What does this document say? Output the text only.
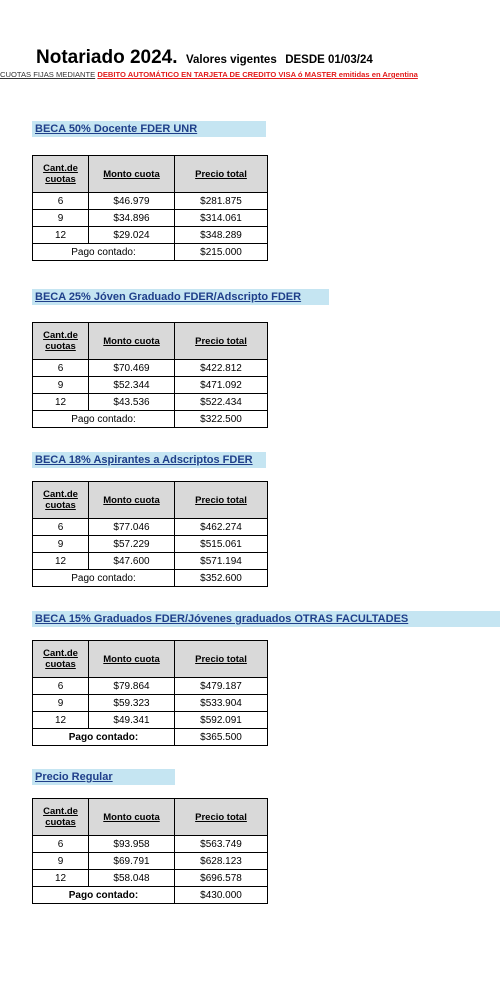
Notariado 2024. Valores vigentes DESDE 01/03/24
CUOTAS FIJAS MEDIANTE DEBITO AUTOMÁTICO EN TARJETA DE CREDITO VISA ó MASTER emitidas en Argentina
BECA 50% Docente FDER UNR
Cant.de cuotas	Monto cuota	Precio total
6	$46.979	$281.875
9	$34.896	$314.061
12	$29.024	$348.289
Pago contado:		$215.000
BECA 25% Jóven Graduado FDER/Adscripto FDER
Cant.de cuotas	Monto cuota	Precio total
6	$70.469	$422.812
9	$52.344	$471.092
12	$43.536	$522.434
Pago contado:		$322.500
BECA 18% Aspirantes a Adscriptos FDER
Cant.de cuotas	Monto cuota	Precio total
6	$77.046	$462.274
9	$57.229	$515.061
12	$47.600	$571.194
Pago contado:		$352.600
BECA 15% Graduados FDER/Jóvenes graduados OTRAS FACULTADES
Cant.de cuotas	Monto cuota	Precio total
6	$79.864	$479.187
9	$59.323	$533.904
12	$49.341	$592.091
Pago contado:		$365.500
Precio Regular
Cant.de cuotas	Monto cuota	Precio total
6	$93.958	$563.749
9	$69.791	$628.123
12	$58.048	$696.578
Pago contado:		$430.000
